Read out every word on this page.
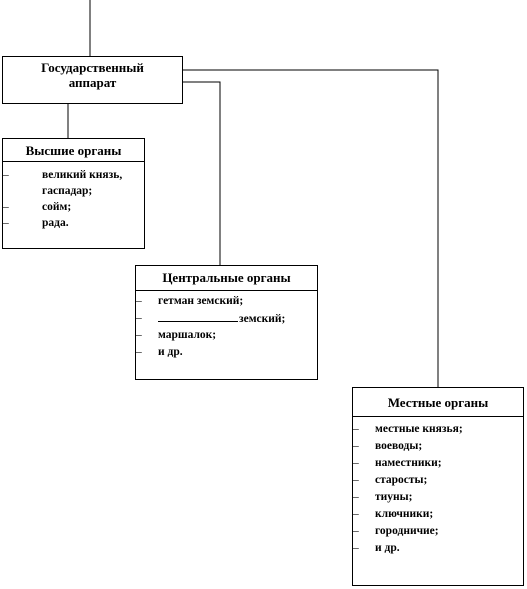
Государственный
аппарат
Высшие органы
–	великий князь,
гаспадар;
–	сойм;
–	рада.
Центральные органы
–	гетман земский;
–	земский;
–	маршалок;
–	и др.
Местные органы
–	местные князья;
–	воеводы;
–	наместники;
–	старосты;
–	тиуны;
–	ключники;
–	городничие;
–	и др.
